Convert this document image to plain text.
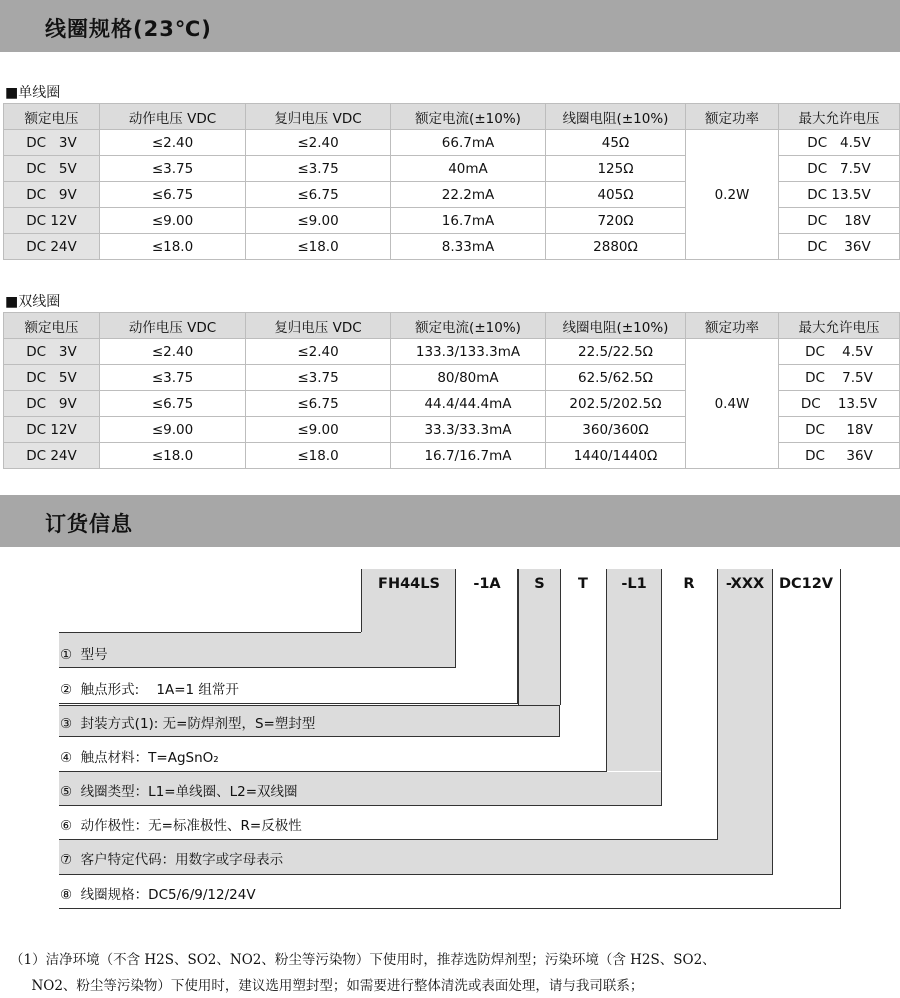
线圈规格(23℃)
■单线圈
额定电压	动作电压 VDC	复归电压 VDC	额定电流(±10%)	线圈电阻(±10%)	额定功率	最大允许电压
DC   3V	≤2.40	≤2.40	66.7mA	45Ω	0.2W	DC   4.5V
DC   5V	≤3.75	≤3.75	40mA	125Ω		DC   7.5V
DC   9V	≤6.75	≤6.75	22.2mA	405Ω		DC 13.5V
DC 12V	≤9.00	≤9.00	16.7mA	720Ω		DC    18V
DC 24V	≤18.0	≤18.0	8.33mA	2880Ω		DC    36V
■双线圈
额定电压	动作电压 VDC	复归电压 VDC	额定电流(±10%)	线圈电阻(±10%)	额定功率	最大允许电压
DC   3V	≤2.40	≤2.40	133.3/133.3mA	22.5/22.5Ω	0.4W	DC    4.5V
DC   5V	≤3.75	≤3.75	80/80mA	62.5/62.5Ω		DC    7.5V
DC   9V	≤6.75	≤6.75	44.4/44.4mA	202.5/202.5Ω		DC    13.5V
DC 12V	≤9.00	≤9.00	33.3/33.3mA	360/360Ω		DC     18V
DC 24V	≤18.0	≤18.0	16.7/16.7mA	1440/1440Ω		DC     36V
订货信息
FH44LS	-1A	S	T	-L1	R	-XXX	DC12V
①  型号
②  触点形式:    1A=1 组常开
③  封装方式(1): 无=防焊剂型，S=塑封型
④  触点材料：T=AgSnO₂
⑤  线圈类型：L1=单线圈、L2=双线圈
⑥  动作极性：无=标准极性、R=反极性
⑦  客户特定代码：用数字或字母表示
⑧  线圈规格：DC5/6/9/12/24V
（1）洁净环境（不含 H2S、SO2、NO2、粉尘等污染物）下使用时，推荐选防焊剂型；污染环境（含 H2S、SO2、
NO2、粉尘等污染物）下使用时，建议选用塑封型；如需要进行整体清洗或表面处理，请与我司联系；
